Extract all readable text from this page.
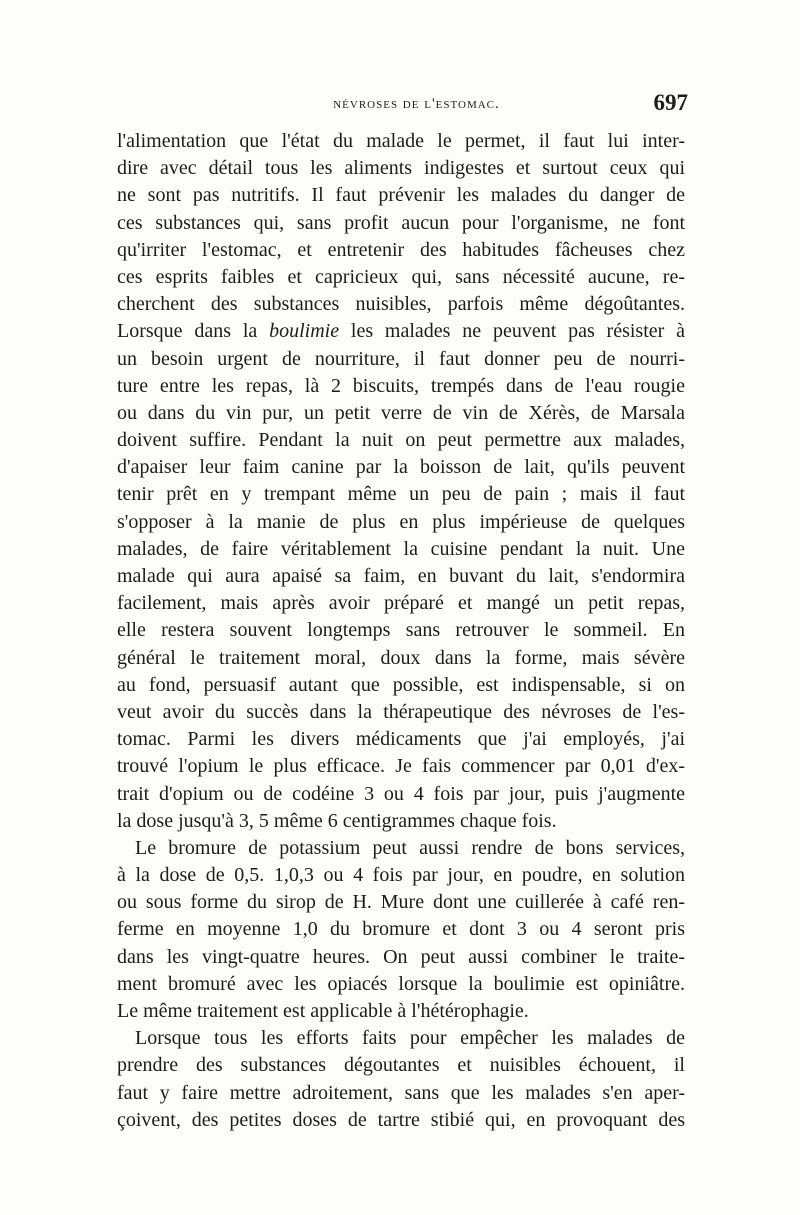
névroses de l'estomac.	697
l'alimentation que l'état du malade le permet, il faut lui inter-
dire avec détail tous les aliments indigestes et surtout ceux qui
ne sont pas nutritifs. Il faut prévenir les malades du danger de
ces substances qui, sans profit aucun pour l'organisme, ne font
qu'irriter l'estomac, et entretenir des habitudes fâcheuses chez
ces esprits faibles et capricieux qui, sans nécessité aucune, re-
cherchent des substances nuisibles, parfois même dégoûtantes.
Lorsque dans la boulimie les malades ne peuvent pas résister à
un besoin urgent de nourriture, il faut donner peu de nourri-
ture entre les repas, là 2 biscuits, trempés dans de l'eau rougie
ou dans du vin pur, un petit verre de vin de Xérès, de Marsala
doivent suffire. Pendant la nuit on peut permettre aux malades,
d'apaiser leur faim canine par la boisson de lait, qu'ils peuvent
tenir prêt en y trempant même un peu de pain ; mais il faut
s'opposer à la manie de plus en plus impérieuse de quelques
malades, de faire véritablement la cuisine pendant la nuit. Une
malade qui aura apaisé sa faim, en buvant du lait, s'endormira
facilement, mais après avoir préparé et mangé un petit repas,
elle restera souvent longtemps sans retrouver le sommeil. En
général le traitement moral, doux dans la forme, mais sévère
au fond, persuasif autant que possible, est indispensable, si on
veut avoir du succès dans la thérapeutique des névroses de l'es-
tomac. Parmi les divers médicaments que j'ai employés, j'ai
trouvé l'opium le plus efficace. Je fais commencer par 0,01 d'ex-
trait d'opium ou de codéine 3 ou 4 fois par jour, puis j'augmente
la dose jusqu'à 3, 5 même 6 centigrammes chaque fois.
Le bromure de potassium peut aussi rendre de bons services,
à la dose de 0,5. 1,0,3 ou 4 fois par jour, en poudre, en solution
ou sous forme du sirop de H. Mure dont une cuillerée à café ren-
ferme en moyenne 1,0 du bromure et dont 3 ou 4 seront pris
dans les vingt-quatre heures. On peut aussi combiner le traite-
ment bromuré avec les opiacés lorsque la boulimie est opiniâtre.
Le même traitement est applicable à l'hétérophagie.
Lorsque tous les efforts faits pour empêcher les malades de
prendre des substances dégoutantes et nuisibles échouent, il
faut y faire mettre adroitement, sans que les malades s'en aper-
çoivent, des petites doses de tartre stibié qui, en provoquant des
